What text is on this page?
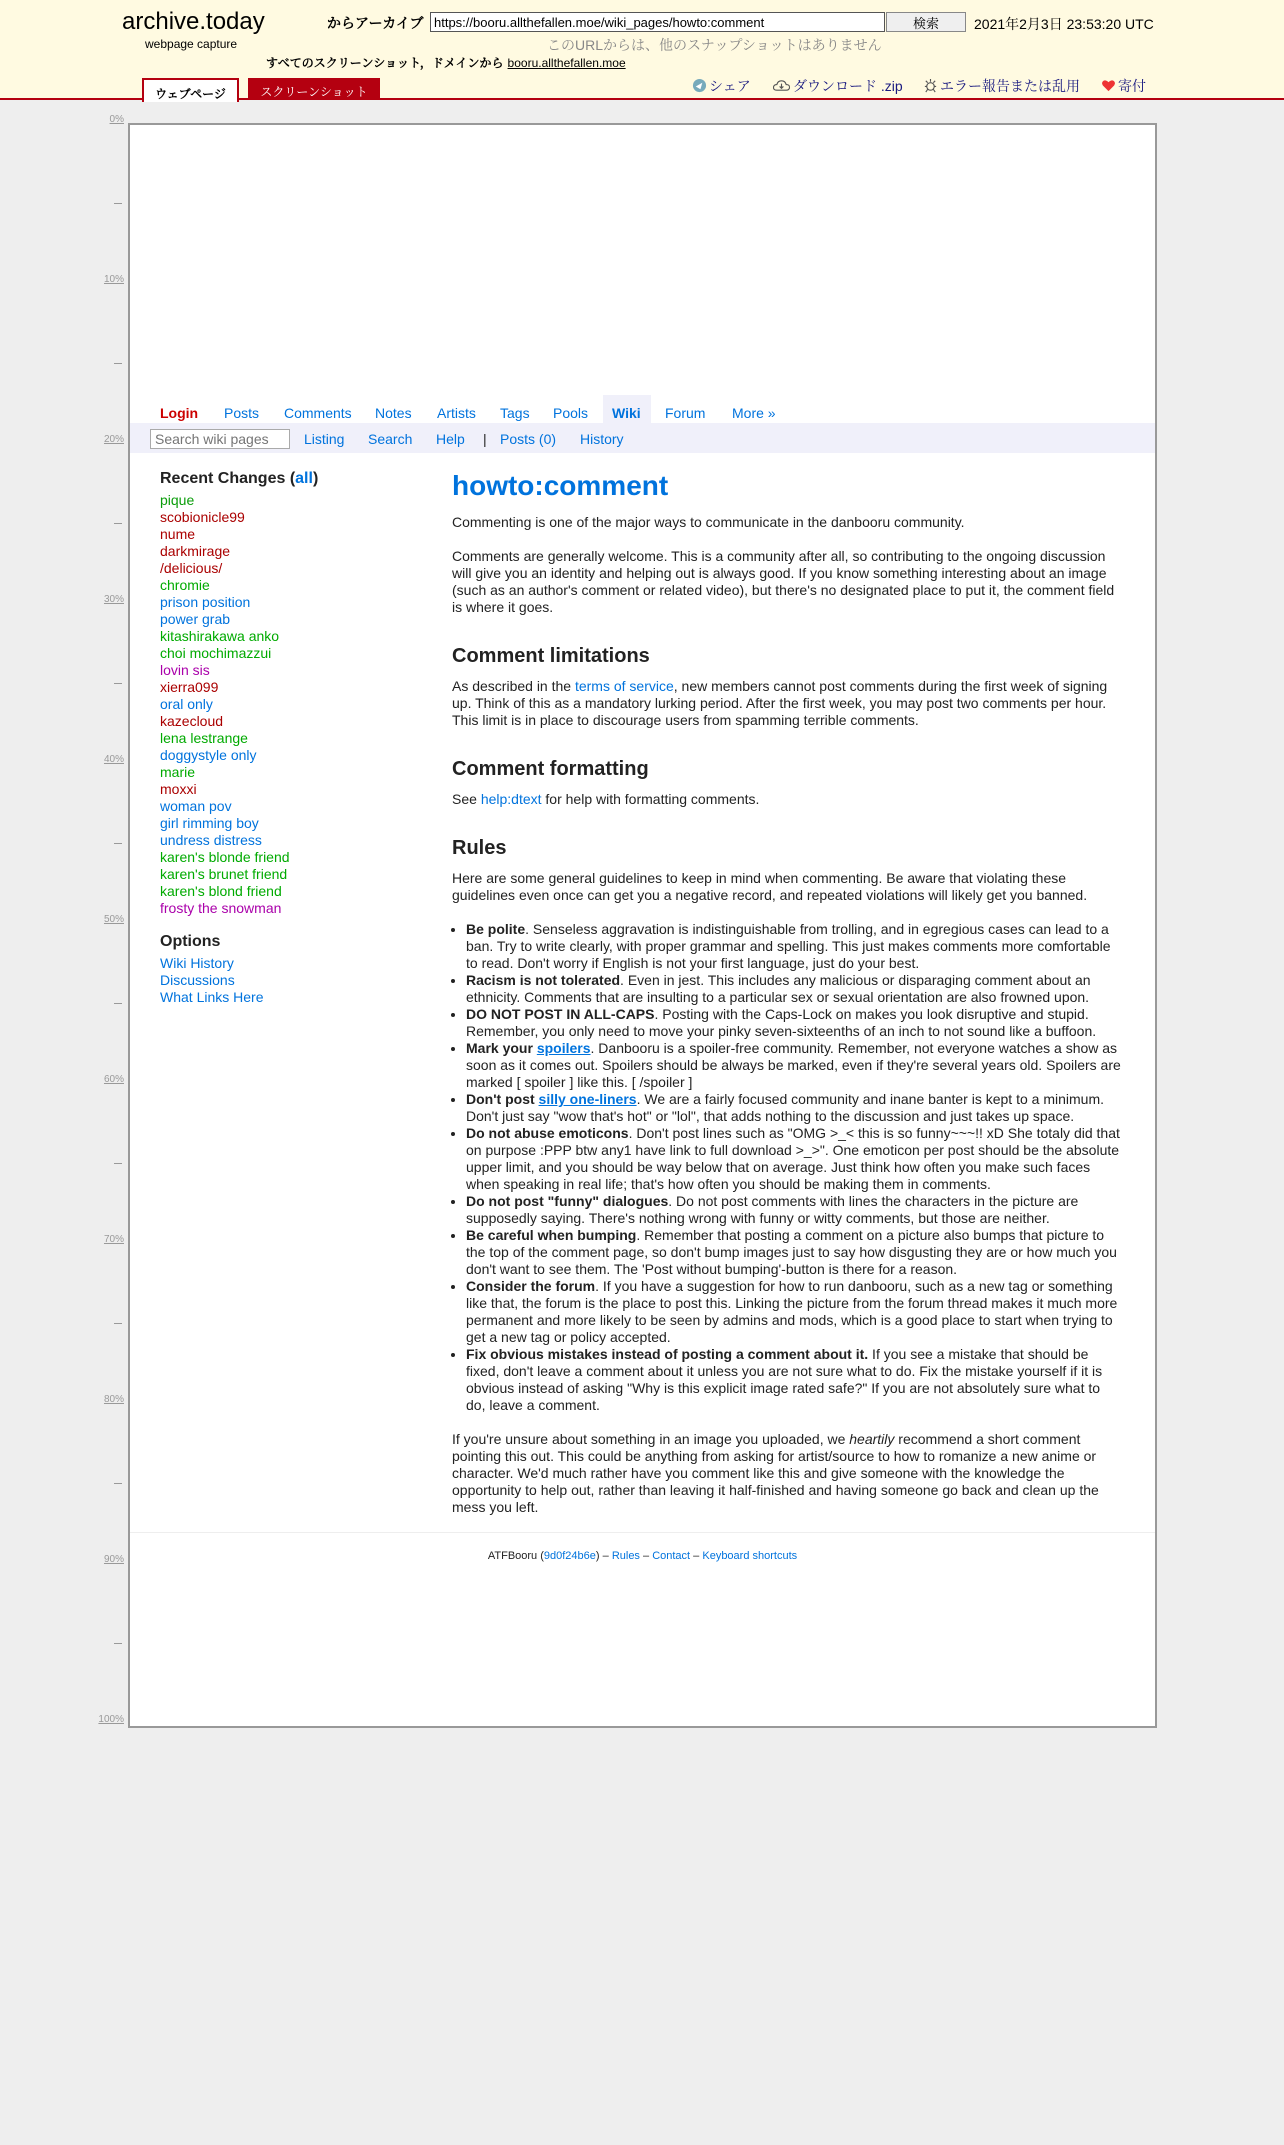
archive.today
webpage capture
からアーカイブ
https://booru.allthefallen.moe/wiki_pages/howto:comment	検索	2021年2月3日 23:53:20 UTC
このURLからは、他のスナップショットはありません
すべてのスクリーンショット，ドメインから booru.allthefallen.moe
ウェブページ	スクリーンショット	シェア	ダウンロード .zip	エラー報告または乱用	寄付
0%
10%
20%
30%
40%
50%
60%
70%
80%
90%
100%
Login Posts Comments Notes Artists Tags Pools Wiki Forum More »
Search wiki pages
Listing Search Help | Posts (0) History
Recent Changes (all)
pique
scobionicle99
nume
darkmirage
/delicious/
chromie
prison position
power grab
kitashirakawa anko
choi mochimazzui
lovin sis
xierra099
oral only
kazecloud
lena lestrange
doggystyle only
marie
moxxi
woman pov
girl rimming boy
undress distress
karen's blonde friend
karen's brunet friend
karen's blond friend
frosty the snowman
Options
Wiki History
Discussions
What Links Here
howto:comment

Commenting is one of the major ways to communicate in the danbooru community.

Comments are generally welcome. This is a community after all, so contributing to the ongoing discussion will give you an identity and helping out is always good. If you know something interesting about an image (such as an author's comment or related video), but there's no designated place to put it, the comment field is where it goes.

Comment limitations

As described in the terms of service, new members cannot post comments during the first week of signing up. Think of this as a mandatory lurking period. After the first week, you may post two comments per hour. This limit is in place to discourage users from spamming terrible comments.

Comment formatting

See help:dtext for help with formatting comments.

Rules

Here are some general guidelines to keep in mind when commenting. Be aware that violating these guidelines even once can get you a negative record, and repeated violations will likely get you banned.

• Be polite. Senseless aggravation is indistinguishable from trolling, and in egregious cases can lead to a ban. Try to write clearly, with proper grammar and spelling. This just makes comments more comfortable to read. Don't worry if English is not your first language, just do your best.
• Racism is not tolerated. Even in jest. This includes any malicious or disparaging comment about an ethnicity. Comments that are insulting to a particular sex or sexual orientation are also frowned upon.
• DO NOT POST IN ALL-CAPS. Posting with the Caps-Lock on makes you look disruptive and stupid. Remember, you only need to move your pinky seven-sixteenths of an inch to not sound like a buffoon.
• Mark your spoilers. Danbooru is a spoiler-free community. Remember, not everyone watches a show as soon as it comes out. Spoilers should be always be marked, even if they're several years old. Spoilers are marked [ spoiler ] like this. [ /spoiler ]
• Don't post silly one-liners. We are a fairly focused community and inane banter is kept to a minimum. Don't just say "wow that's hot" or "lol", that adds nothing to the discussion and just takes up space.
• Do not abuse emoticons. Don't post lines such as "OMG >_< this is so funny~~~!! xD She totaly did that on purpose :PPP btw any1 have link to full download >_>". One emoticon per post should be the absolute upper limit, and you should be way below that on average. Just think how often you make such faces when speaking in real life; that's how often you should be making them in comments.
• Do not post "funny" dialogues. Do not post comments with lines the characters in the picture are supposedly saying. There's nothing wrong with funny or witty comments, but those are neither.
• Be careful when bumping. Remember that posting a comment on a picture also bumps that picture to the top of the comment page, so don't bump images just to say how disgusting they are or how much you don't want to see them. The 'Post without bumping'-button is there for a reason.
• Consider the forum. If you have a suggestion for how to run danbooru, such as a new tag or something like that, the forum is the place to post this. Linking the picture from the forum thread makes it much more permanent and more likely to be seen by admins and mods, which is a good place to start when trying to get a new tag or policy accepted.
• Fix obvious mistakes instead of posting a comment about it. If you see a mistake that should be fixed, don't leave a comment about it unless you are not sure what to do. Fix the mistake yourself if it is obvious instead of asking "Why is this explicit image rated safe?" If you are not absolutely sure what to do, leave a comment.

If you're unsure about something in an image you uploaded, we heartily recommend a short comment pointing this out. This could be anything from asking for artist/source to how to romanize a new anime or character. We'd much rather have you comment like this and give someone with the knowledge the opportunity to help out, rather than leaving it half-finished and having someone go back and clean up the mess you left.

ATFBooru (9d0f24b6e) – Rules – Contact – Keyboard shortcuts
